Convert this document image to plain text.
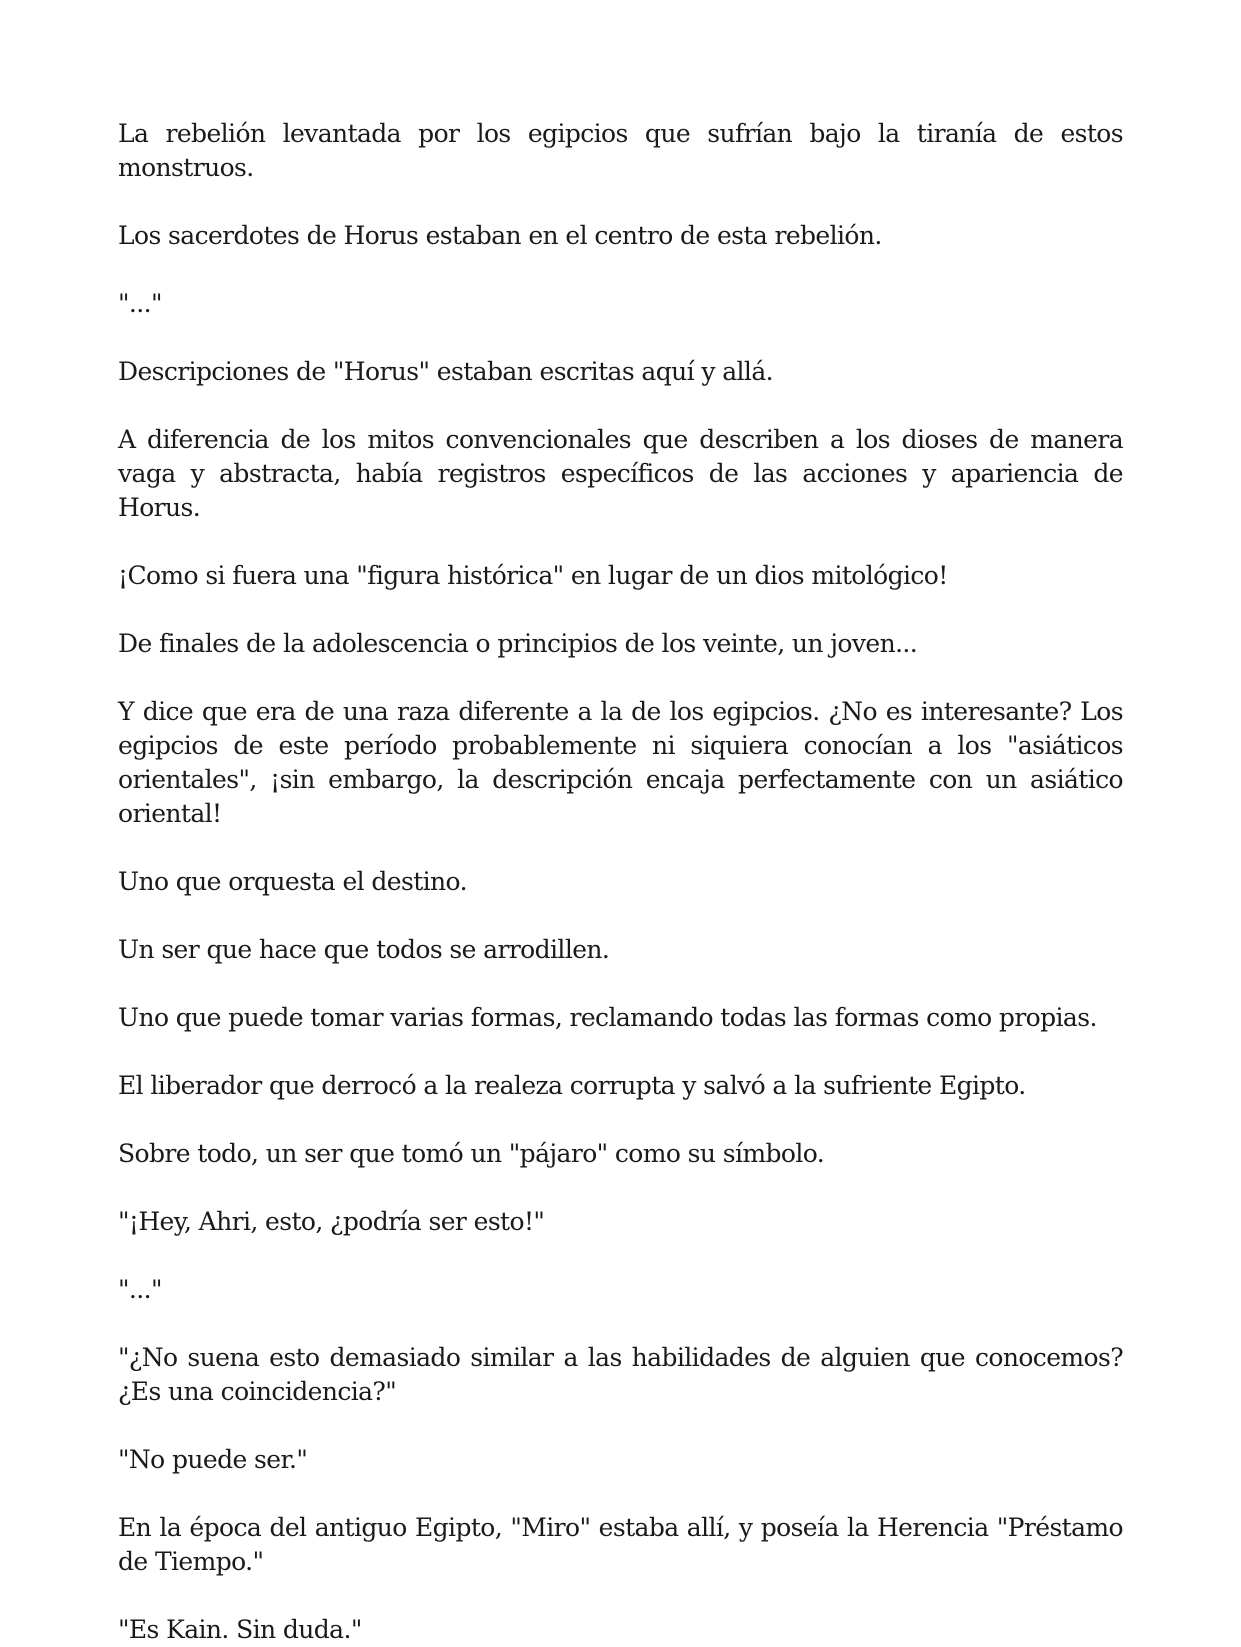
La rebelión levantada por los egipcios que sufrían bajo la tiranía de estos monstruos.

Los sacerdotes de Horus estaban en el centro de esta rebelión.

"..."

Descripciones de "Horus" estaban escritas aquí y allá.

A diferencia de los mitos convencionales que describen a los dioses de manera vaga y abstracta, había registros específicos de las acciones y apariencia de Horus.

¡Como si fuera una "figura histórica" en lugar de un dios mitológico!

De finales de la adolescencia o principios de los veinte, un joven...

Y dice que era de una raza diferente a la de los egipcios. ¿No es interesante? Los egipcios de este período probablemente ni siquiera conocían a los "asiáticos orientales", ¡sin embargo, la descripción encaja perfectamente con un asiático oriental!

Uno que orquesta el destino.

Un ser que hace que todos se arrodillen.

Uno que puede tomar varias formas, reclamando todas las formas como propias.

El liberador que derrocó a la realeza corrupta y salvó a la sufriente Egipto.

Sobre todo, un ser que tomó un "pájaro" como su símbolo.

"¡Hey, Ahri, esto, ¿podría ser esto!"

"..."

"¿No suena esto demasiado similar a las habilidades de alguien que conocemos? ¿Es una coincidencia?"

"No puede ser."

En la época del antiguo Egipto, "Miro" estaba allí, y poseía la Herencia "Préstamo de Tiempo."

"Es Kain. Sin duda."
